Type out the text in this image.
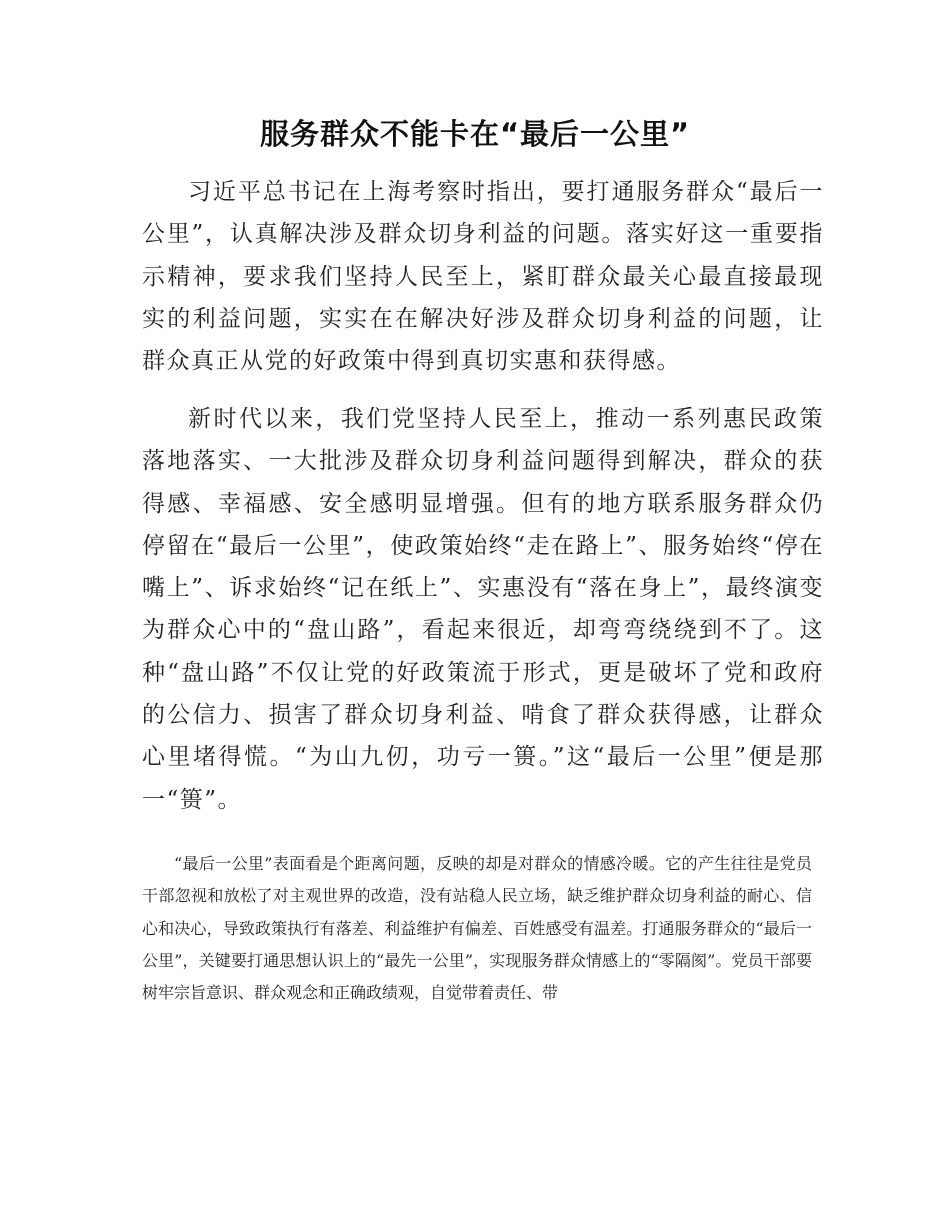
服务群众不能卡在“最后一公里”

习近平总书记在上海考察时指出，要打通服务群众“最后一公里”，认真解决涉及群众切身利益的问题。落实好这一重要指示精神，要求我们坚持人民至上，紧盯群众最关心最直接最现实的利益问题，实实在在解决好涉及群众切身利益的问题，让群众真正从党的好政策中得到真切实惠和获得感。

新时代以来，我们党坚持人民至上，推动一系列惠民政策落地落实、一大批涉及群众切身利益问题得到解决，群众的获得感、幸福感、安全感明显增强。但有的地方联系服务群众仍停留在“最后一公里”，使政策始终“走在路上”、服务始终“停在嘴上”、诉求始终“记在纸上”、实惠没有“落在身上”，最终演变为群众心中的“盘山路”，看起来很近，却弯弯绕绕到不了。这种“盘山路”不仅让党的好政策流于形式，更是破坏了党和政府的公信力、损害了群众切身利益、啃食了群众获得感，让群众心里堵得慌。“为山九仞，功亏一篑。”这“最后一公里”便是那一“篑”。

“最后一公里”表面看是个距离问题，反映的却是对群众的情感冷暖。它的产生往往是党员干部忽视和放松了对主观世界的改造，没有站稳人民立场，缺乏维护群众切身利益的耐心、信心和决心，导致政策执行有落差、利益维护有偏差、百姓感受有温差。打通服务群众的“最后一公里”，关键要打通思想认识上的“最先一公里”，实现服务群众情感上的“零隔阂”。党员干部要树牢宗旨意识、群众观念和正确政绩观，自觉带着责任、带
